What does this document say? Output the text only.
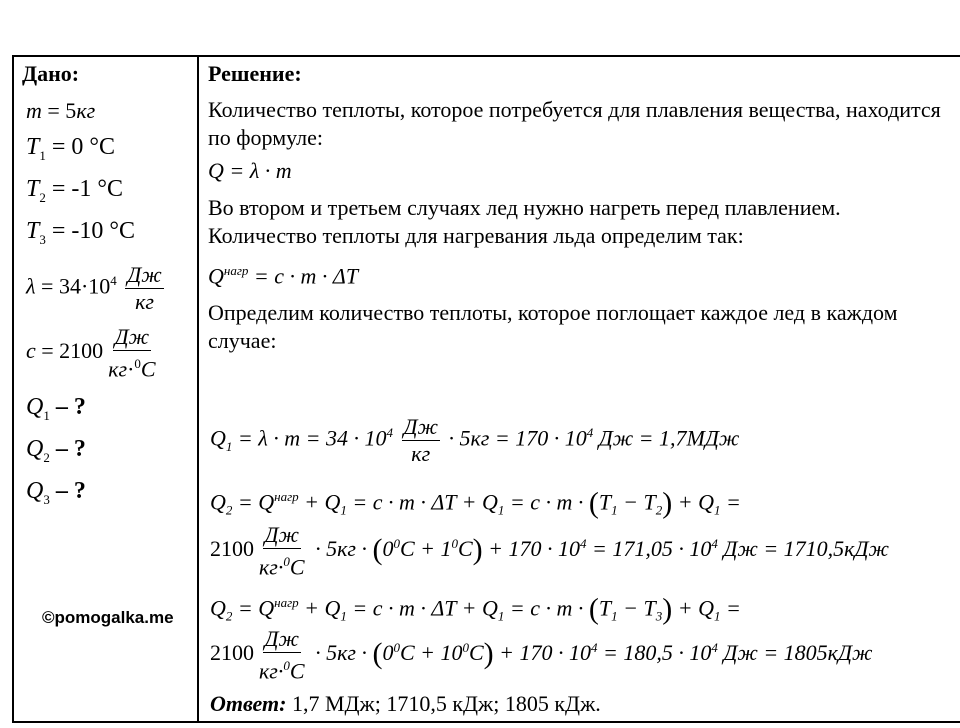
Дано:
m = 5кг
$T_1 = 0$ °C
$T_2 = -1$ °C
$T_3 = -10$ °C
$\lambda = 34\cdot 10^4 \frac{Дж}{кг}$
$c = 2100 \frac{Дж}{кг\cdot^0C}$
$Q_1$ – ?
$Q_2$ – ?
$Q_3$ – ?
©pomogalka.me
Решение:
Количество теплоты, которое потребуется для плавления вещества, находится по формуле:
Q = λ · m
Во втором и третьем случаях лед нужно нагреть перед плавлением. Количество теплоты для нагревания льда определим так:
$Q^{нагр} = c \cdot m \cdot \Delta T$
Определим количество теплоты, которое поглощает каждое лед в каждом случае:
$Q_1 = \lambda \cdot m = 34 \cdot 10^4 \frac{Дж}{кг} \cdot 5кг = 170 \cdot 10^4$ Дж = 1,7МДж
$Q_2 = Q^{нагр} + Q_1 = c \cdot m \cdot \Delta T + Q_1 = c \cdot m \cdot (T_1 - T_2) + Q_1$ =
$2100 \frac{Дж}{кг\cdot^0C} \cdot 5кг \cdot (0^0C + 1^0C) + 170 \cdot 10^4 = 171,05 \cdot 10^4$ Дж = 1710,5кДж
$Q_2 = Q^{нагр} + Q_1 = c \cdot m \cdot \Delta T + Q_1 = c \cdot m \cdot (T_1 - T_3) + Q_1$ =
$2100 \frac{Дж}{кг\cdot^0C} \cdot 5кг \cdot (0^0C + 10^0C) + 170 \cdot 10^4 = 180,5 \cdot 10^4$ Дж = 1805кДж
Ответ: 1,7 МДж; 1710,5 кДж; 1805 кДж.
